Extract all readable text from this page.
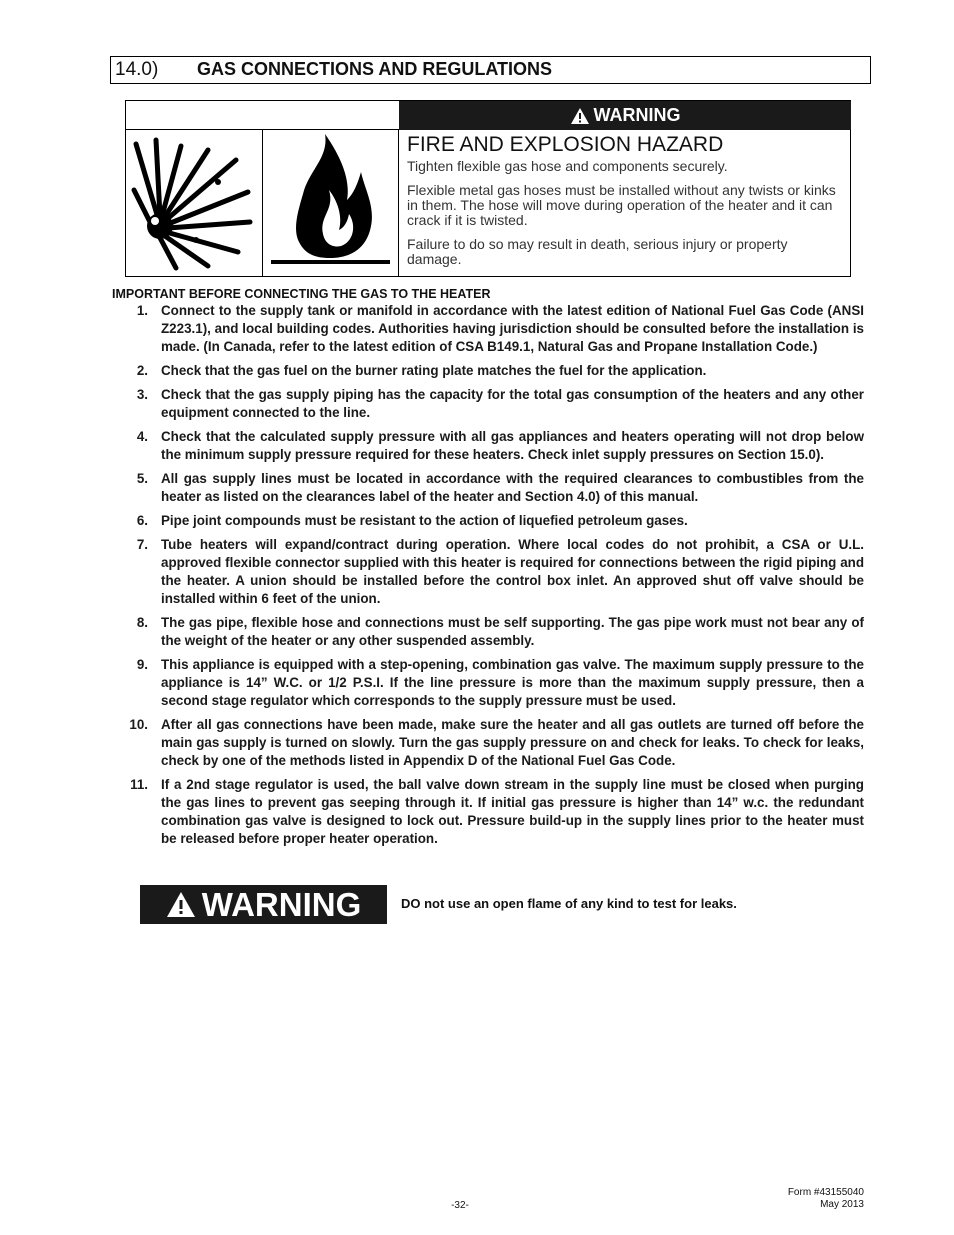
14.0) GAS CONNECTIONS AND REGULATIONS
WARNING
FIRE AND EXPLOSION HAZARD

Tighten flexible gas hose and components securely.

Flexible metal gas hoses must be installed without any twists or kinks in them. The hose will move during operation of the heater and it can crack if it is twisted.

Failure to do so may result in death, serious injury or property damage.

IMPORTANT BEFORE CONNECTING THE GAS TO THE HEATER
1. Connect to the supply tank or manifold in accordance with the latest edition of National Fuel Gas Code (ANSI Z223.1), and local building codes. Authorities having jurisdiction should be consulted before the installation is made. (In Canada, refer to the latest edition of CSA B149.1, Natural Gas and Propane Installation Code.)
2. Check that the gas fuel on the burner rating plate matches the fuel for the application.
3. Check that the gas supply piping has the capacity for the total gas consumption of the heaters and any other equipment connected to the line.
4. Check that the calculated supply pressure with all gas appliances and heaters operating will not drop below the minimum supply pressure required for these heaters. Check inlet supply pressures on Section 15.0).
5. All gas supply lines must be located in accordance with the required clearances to combustibles from the heater as listed on the clearances label of the heater and Section 4.0) of this manual.
6. Pipe joint compounds must be resistant to the action of liquefied petroleum gases.
7. Tube heaters will expand/contract during operation. Where local codes do not prohibit, a CSA or U.L. approved flexible connector supplied with this heater is required for connections between the rigid piping and the heater. A union should be installed before the control box inlet. An approved shut off valve should be installed within 6 feet of the union.
8. The gas pipe, flexible hose and connections must be self supporting. The gas pipe work must not bear any of the weight of the heater or any other suspended assembly.
9. This appliance is equipped with a step-opening, combination gas valve. The maximum supply pressure to the appliance is 14” W.C. or 1/2 P.S.I. If the line pressure is more than the maximum supply pressure, then a second stage regulator which corresponds to the supply pressure must be used.
10. After all gas connections have been made, make sure the heater and all gas outlets are turned off before the main gas supply is turned on slowly. Turn the gas supply pressure on and check for leaks. To check for leaks, check by one of the methods listed in Appendix D of the National Fuel Gas Code.
11. If a 2nd stage regulator is used, the ball valve down stream in the supply line must be closed when purging the gas lines to prevent gas seeping through it. If initial gas pressure is higher than 14” w.c. the redundant combination gas valve is designed to lock out. Pressure build-up in the supply lines prior to the heater must be released before proper heater operation.
WARNING	DO not use an open flame of any kind to test for leaks.
-32-
Form #43155040
May 2013
